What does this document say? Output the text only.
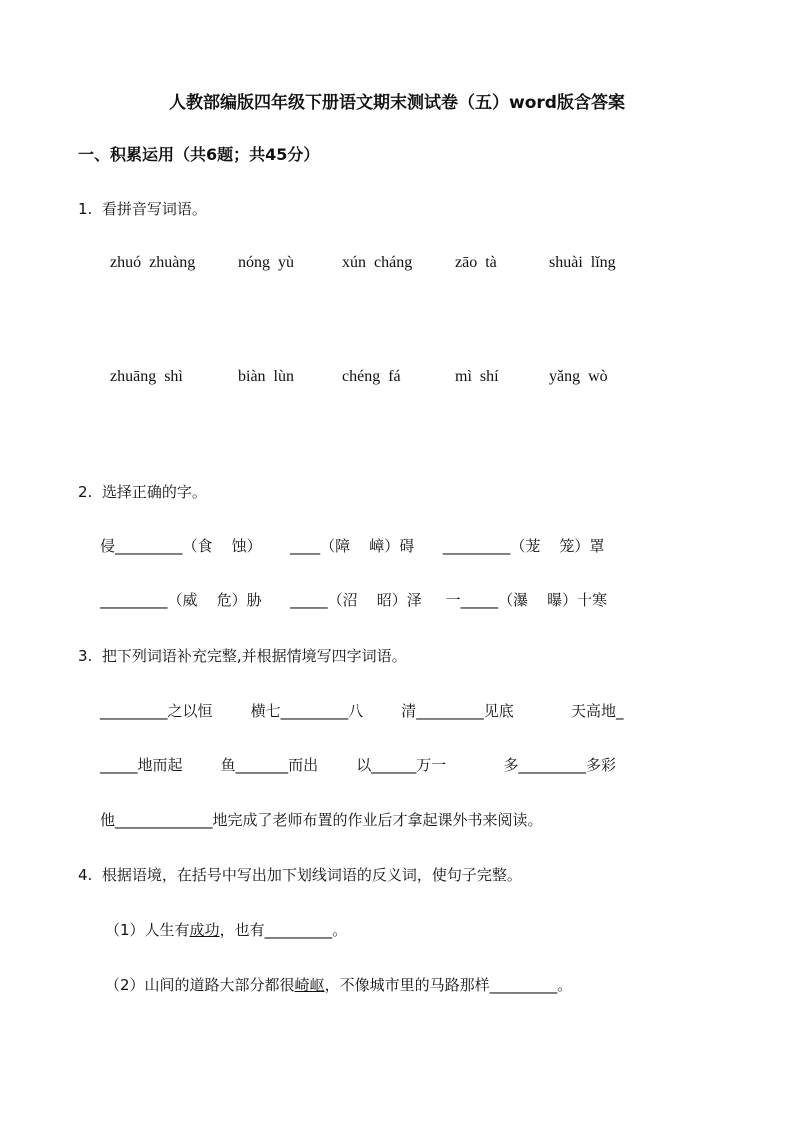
人教部编版四年级下册语文期末测试卷（五）word版含答案
一、积累运用（共6题；共45分）
1.  看拼音写词语。
zhuó  zhuàng	nóng  yù	xún  cháng	zāo  tà	shuài  lǐng
zhuāng  shì	biàn  lùn	chéng  fá	mì  shí	yǎng  wò
2.  选择正确的字。
侵_________（食    蚀）      ____（障    嶂）碍      _________（茏    笼）罩
_________（威    危）胁      _____（沼    昭）泽     一_____（瀑    曝）十寒
3.  把下列词语补充完整,并根据情境写四字词语。
_________之以恒        横七_________八        清_________见底            天高地_
_____地而起        鱼_______而出        以______万一            多_________多彩
他_____________地完成了老师布置的作业后才拿起课外书来阅读。
4.  根据语境，在括号中写出加下划线词语的反义词，使句子完整。
（1）人生有成功，也有_________。
（2）山间的道路大部分都很崎岖，不像城市里的马路那样_________。
